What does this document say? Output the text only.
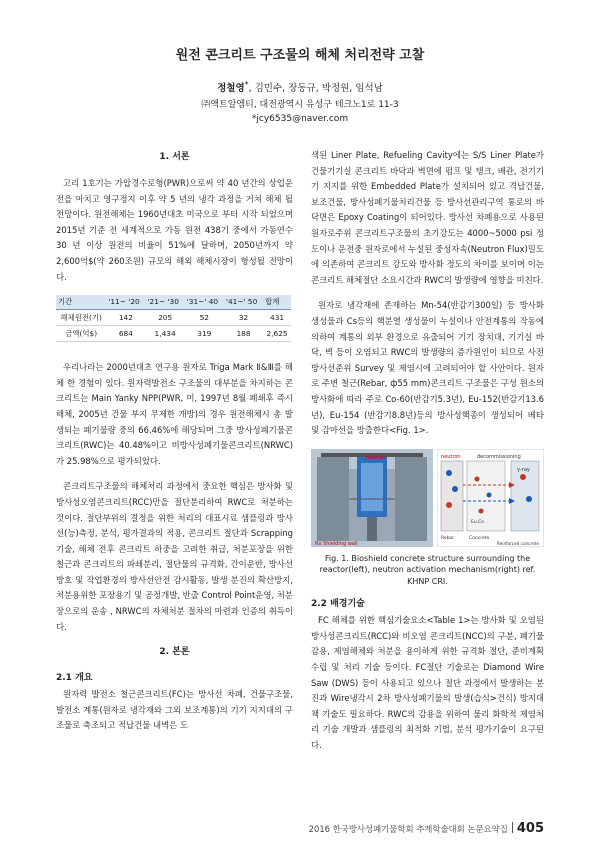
원전 콘크리트 구조물의 해체 처리전략 고찰
정철영*, 김민수, 장동규, 박정원, 임석남
㈜액트알엠티, 대전광역시 유성구 테크노1로 11-3
*jcy6535@naver.com
1. 서론

고리 1호기는 가압경수로형(PWR)으로써 약 40 년간의 상업운전을 마치고 영구정지 이후 약 5 년의 냉각 과정을 거쳐 해체 될 전망이다. 원전해체는 1960년대초 미국으로 부터 시작 되었으며 2015년 기준 전 세계적으로 가동 원전 438기 중에서 가동연수 30 년 이상 원전의 비율이 51%에 달하며, 2050년까지 약 2,600억$(약 260조원) 규모의 해외 해체시장이 형성될 전망이다.

기간	'11~ '20	'21~ '30	'31~' 40	'41~' 50	합계
해체원전(기)	142	205	52	32	431
금액(억$)	684	1,434	319	188	2,625

우리나라는 2000년대초 연구용 원자로 Triga Mark Ⅱ&Ⅲ를 해체 한 경험이 있다. 원자력발전소 구조물의 대부분을 차지하는 콘크리트는 Main Yanky NPP(PWR, 미, 1997년 8월 폐쇄후 즉시해체, 2005년 건물 부지 무제한 개방)의 경우 원전해체시 총 발생되는 폐기물량 중의 66.46%에 해당되며 그중 방사성폐기물콘크리트(RWC)는 40.48%이고 비방사성폐기물콘크리트(NRWC)가 25.98%으로 평가되었다.

콘크리트구조물의 해체처리 과정에서 중요한 핵심은 방사화 및 방사성오염콘크리트(RCC)만을 절단분리하여 RWC로 처분하는 것이다. 절단부위의 결정을 위한 처리의 대표시료 샘플링과 방사선(능)측정, 분석, 평가결과의 적용, 콘크리트 절단과 Scrapping 기술, 해체 전후 콘크리트 하중을 고려한 취급, 처분포장을 위한 철근과 콘크리트의 파쇄분리, 절단물의 규격화, 간이운반, 방사선방호 및 작업환경의 방사선안전 감시활동, 발생 분진의 확산방지, 처분용위한 포장용기 및 공정개발, 반출 Control Point운영, 처분장으로의 운송 , NRWC의 자체처분 절차의 마련과 인증의 취득이다.

2. 본론
2.1 개요

원자력 발전소 철근콘크리트(FC)는 방사선 차폐, 건물구조물, 발전소 계통(원자로 냉각재와 그외 보조계통)의 기기 지지대의 구조물로 축조되고 적납건물 내벽은 도

색된 Liner Plate, Refueling Cavity에는 S/S Liner Plate가 건물기기실 콘크리트 바닥과 벽면에 펌프 및 탱크, 배관, 전기기기 지지를 위한 Embedded Plate가 설치되어 있고 격납건물, 보조건물, 방사성폐기물처리건물 등 방사선관리구역 통로의 바닥면은 Epoxy Coating이 되어있다. 방사선 차폐용으로 사용된 원자로주위 콘크리트구조물의 초기강도는 4000~5000 psi 정도이나 운전중 원자로에서 누설된 중성자속(Neutron Flux)밀도에 의존하여 콘크리트 강도와 방사화 정도의 차이를 보이며 이는 콘크리트 해체절단 소요시간과 RWC의 발생량에 영향을 미친다.

원자로 냉각재에 존재하는 Mn-54(반감기300일) 등 방사화 생성물과 Cs등의 핵분열 생성물이 누설이나 안전계통의 작동에 의하여 계통의 외부 환경으로 유출되어 기기 장치대, 기기실 바닥, 벽 등이 오염되고 RWC의 발생량의 증가원인이 되므로 사전 방사선준위 Survey 및 제염시에 고려되어야 할 사안이다. 원자로 주변 철근(Rebar, ф55 mm)콘크리트 구조물은 구성 원소의 방사화에 따라 주로 Co-60(반감기5.3년), Eu-152(반감기13.6년), Eu-154 (반감기8.8년)등의 방사성핵종이 생성되어 베타 및 감마선을 방출한다<Fig. 1>.

Rx Shielding wall
neutron	neutron	decommissioning
γ-ray
Eu,Co
Rebar	Concrete
Reinforced concrete
Fig. 1. Bioshield concrete structure surrounding the reactor(left), neutron activation mechanism(right) ref. KHNP CRI.
2.2 배경기술

FC 해체를 위한 핵심기술요소<Table 1>는 방사화 및 오염된 방사성콘크리트(RCC)와 비오염 콘크리트(NCC)의 구분, 폐기물 감용, 제염해체와 처분을 용이하게 위한 규격화 절단, 준비계획 수립 및 처리 기술 등이다. FC절단 기술로는 Diamond Wire Saw (DWS) 등이 사용되고 있으나 절단 과정에서 발생하는 분진과 Wire냉각시 2차 방사성폐기물의 발생(습식>건식) 방지대책 기술도 필요하다. RWC의 감용을 위하여 물리 화학적 제염처리 기술 개발과 샘플링의 최적화 기법, 분석 평가기술이 요구된다.

2016 한국방사성폐기물학회 추계학술대회 논문요약집 405
